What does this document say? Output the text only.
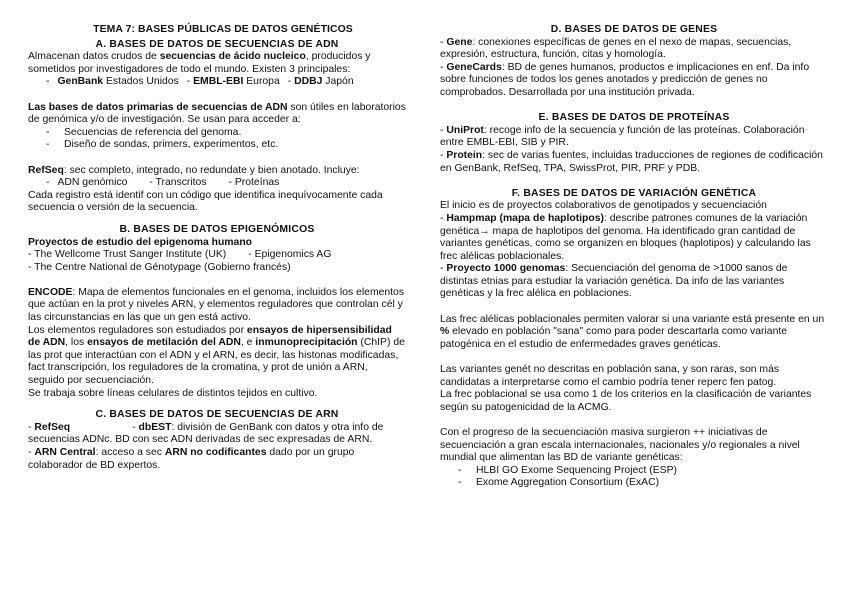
TEMA 7: BASES PÚBLICAS DE DATOS GENÉTICOS
A. BASES DE DATOS DE SECUENCIAS DE ADN

Almacenan datos crudos de secuencias de ácido nucleico, producidos y sometidos por investigadores de todo el mundo. Existen 3 principales:

- GenBank Estados Unidos - EMBL-EBI Europa - DDBJ Japón

Las bases de datos primarias de secuencias de ADN son útiles en laboratorios de genómica y/o de investigación. Se usan para acceder a:

- Secuencias de referencia del genoma.
- Diseño de sondas, primers, experimentos, etc.

RefSeq: sec completo, integrado, no redundate y bien anotado. Incluye:

- ADN genómico - Transcritos - Proteínas

Cada registro está identif con un código que identifica inequívocamente cada secuencia o versión de la secuencia.

B. BASES DE DATOS EPIGENÓMICOS

Proyectos de estudio del epigenoma humano

- The Wellcome Trust Sanger Institute (UK) - Epigenomics AG

- The Centre National de Génotypage (Gobierno francés)

ENCODE: Mapa de elementos funcionales en el genoma, incluidos los elementos que actúan en la prot y niveles ARN, y elementos reguladores que controlan cél y las circunstancias en las que un gen está activo.

Los elementos reguladores son estudiados por ensayos de hipersensibilidad de ADN, los ensayos de metilación del ADN, e inmunoprecipitación (ChIP) de las prot que interactúan con el ADN y el ARN, es decir, las histonas modificadas, fact transcripción, los reguladores de la cromatina, y prot de unión a ARN, seguido por secuenciación.

Se trabaja sobre líneas celulares de distintos tejidos en cultivo.

C. BASES DE DATOS DE SECUENCIAS DE ARN

- RefSeq	- dbEST: división de GenBank con datos y otra info de secuencias ADNc. BD con sec ADN derivadas de sec expresadas de ARN.

- ARN Central: acceso a sec ARN no codificantes dado por un grupo colaborador de BD expertos.

D. BASES DE DATOS DE GENES

- Gene: conexiones específicas de genes en el nexo de mapas, secuencias, expresión, estructura, función, citas y homología.

- GeneCards: BD de genes humanos, productos e implicaciones en enf. Da info sobre funciones de todos los genes anotados y predicción de genes no comprobados. Desarrollada por una institución privada.

E. BASES DE DATOS DE PROTEÍNAS

- UniProt: recoge info de la secuencia y función de las proteínas. Colaboración entre EMBL-EBI, SIB y PIR.

- Protein: sec de varias fuentes, incluidas traducciones de regiones de codificación en GenBank, RefSeq, TPA, SwissProt, PIR, PRF y PDB.

F. BASES DE DATOS DE VARIACIÓN GENÉTICA

El inicio es de proyectos colaborativos de genotipados y secuenciación

- Hampmap (mapa de haplotipos): describe patrones comunes de la variación genética→ mapa de haplotipos del genoma. Ha identificado gran cantidad de variantes genéticas, como se organizen en bloques (haplotipos) y calculando las frec alélicas poblacionales.

- Proyecto 1000 genomas: Secuenciación del genoma de >1000 sanos de distintas etnias para estudiar la variación genética. Da info de las variantes genéticas y la frec alélica en poblaciones.

Las frec alélicas poblacionales permiten valorar si una variante está presente en un % elevado en población "sana" como para poder descartarla como variante patogénica en el estudio de enfermedades graves genéticas.

Las variantes genét no descritas en población sana, y son raras, son más candidatas a interpretarse como el cambio podría tener reperc fen patog.

La frec poblacional se usa como 1 de los criterios en la clasificación de variantes según su patogenicidad de la ACMG.

Con el progreso de la secuenciación masiva surgieron ++ iniciativas de secuenciación a gran escala internacionales, nacionales y/o regionales a nivel mundial que alimentan las BD de variante genéticas:

- HLBI GO Exome Sequencing Project (ESP)
- Exome Aggregation Consortium (ExAC)
